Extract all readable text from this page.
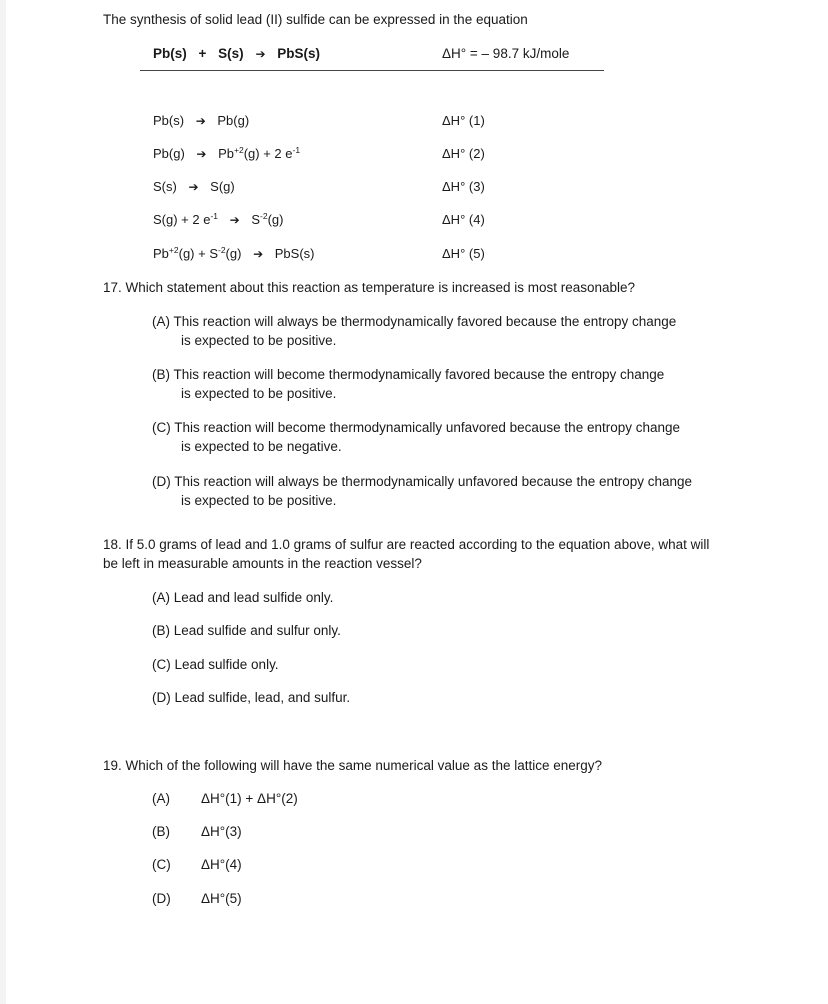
The synthesis of solid lead (II) sulfide can be expressed in the equation
Pb(s) + S(s) ➔ PbS(s)	ΔH° = – 98.7 kJ/mole
Pb(s) ➔ Pb(g)	ΔH° (1)
Pb(g) ➔ $Pb^{+2}(g) + 2$ $e^{-1}$	ΔH° (2)
S(s) ➔ S(g)	ΔH° (3)
S(g) + 2 $e^{-1}$ ➔ $S^{-2}(g)$	ΔH° (4)
$Pb^{+2}(g) + S^{-2}(g)$ ➔ PbS(s)	ΔH° (5)
17. Which statement about this reaction as temperature is increased is most reasonable?
(A) This reaction will always be thermodynamically favored because the entropy change
is expected to be positive.
(B) This reaction will become thermodynamically favored because the entropy change
is expected to be positive.
(C) This reaction will become thermodynamically unfavored because the entropy change
is expected to be negative.
(D) This reaction will always be thermodynamically unfavored because the entropy change
is expected to be positive.
18. If 5.0 grams of lead and 1.0 grams of sulfur are reacted according to the equation above, what will
be left in measurable amounts in the reaction vessel?
(A) Lead and lead sulfide only.
(B) Lead sulfide and sulfur only.
(C) Lead sulfide only.
(D) Lead sulfide, lead, and sulfur.
19. Which of the following will have the same numerical value as the lattice energy?
(A) ΔH°(1) + ΔH°(2)
(B) ΔH°(3)
(C) ΔH°(4)
(D) ΔH°(5)
